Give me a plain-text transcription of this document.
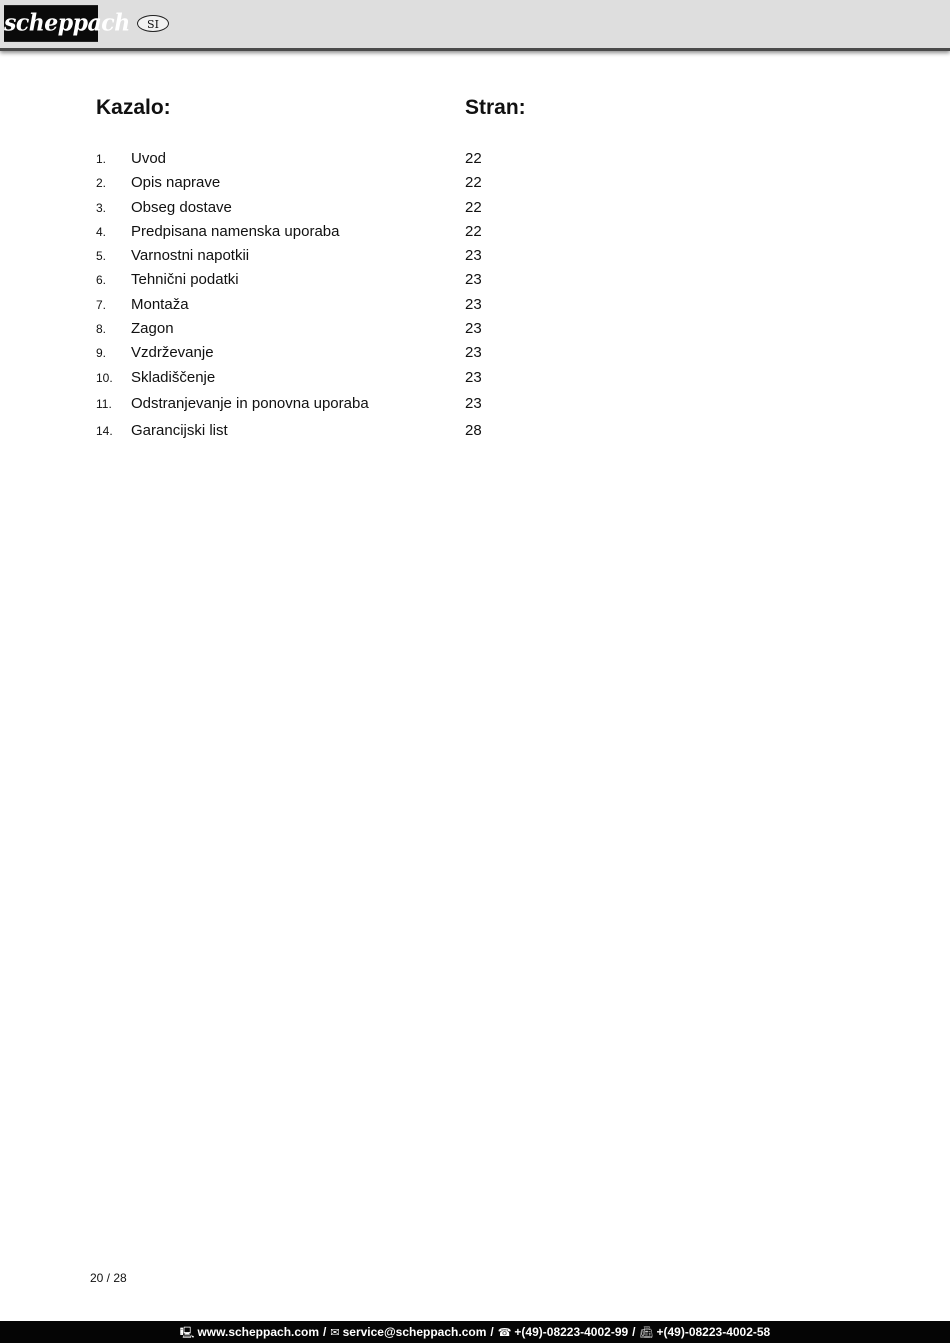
scheppach	SI
Kazalo:	Stran:
1. Uvod	22
2. Opis naprave	22
3. Obseg dostave	22
4. Predpisana namenska uporaba	22
5. Varnostni napotkii	23
6. Tehnični podatki	23
7. Montaža	23
8. Zagon	23
9. Vzdrževanje	23
10. Skladiščenje	23
11. Odstranjevanje in ponovna uporaba	23
14. Garancijski list	28
20 / 28
🖳︎ www.scheppach.com / ✉︎ service@scheppach.com / ☎︎ +(49)-08223-4002-99 / 📠︎ +(49)-08223-4002-58
